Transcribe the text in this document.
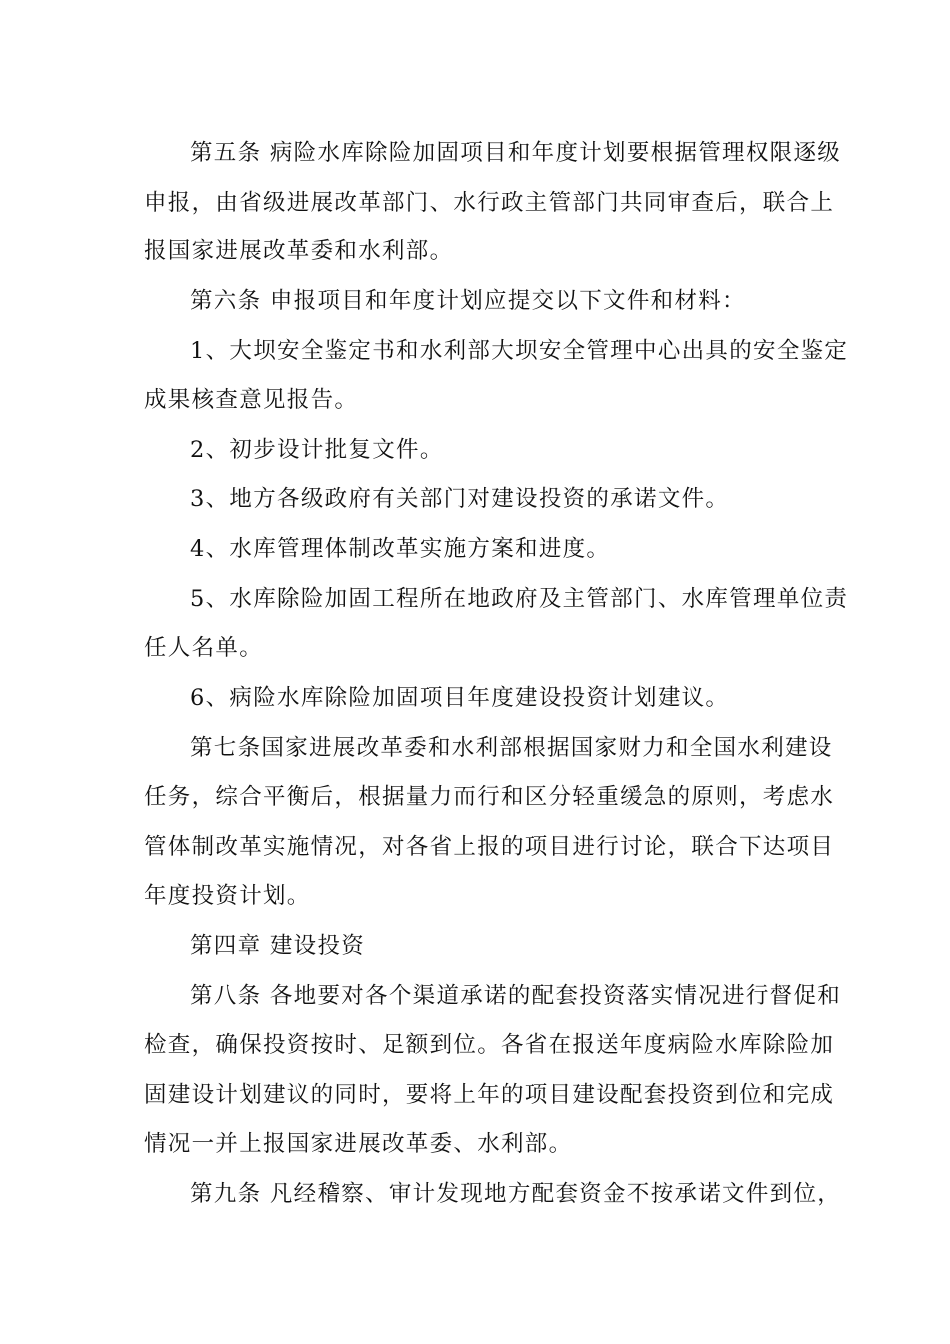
第五条 病险水库除险加固项目和年度计划要根据管理权限逐级
申报，由省级进展改革部门、水行政主管部门共同审查后，联合上
报国家进展改革委和水利部。
第六条 申报项目和年度计划应提交以下文件和材料：
1、大坝安全鉴定书和水利部大坝安全管理中心出具的安全鉴定
成果核查意见报告。
2、初步设计批复文件。
3、地方各级政府有关部门对建设投资的承诺文件。
4、水库管理体制改革实施方案和进度。
5、水库除险加固工程所在地政府及主管部门、水库管理单位责
任人名单。
6、病险水库除险加固项目年度建设投资计划建议。
第七条国家进展改革委和水利部根据国家财力和全国水利建设
任务，综合平衡后，根据量力而行和区分轻重缓急的原则，考虑水
管体制改革实施情况，对各省上报的项目进行讨论，联合下达项目
年度投资计划。
第四章 建设投资
第八条 各地要对各个渠道承诺的配套投资落实情况进行督促和
检查，确保投资按时、足额到位。各省在报送年度病险水库除险加
固建设计划建议的同时，要将上年的项目建设配套投资到位和完成
情况一并上报国家进展改革委、水利部。
第九条 凡经稽察、审计发现地方配套资金不按承诺文件到位，
